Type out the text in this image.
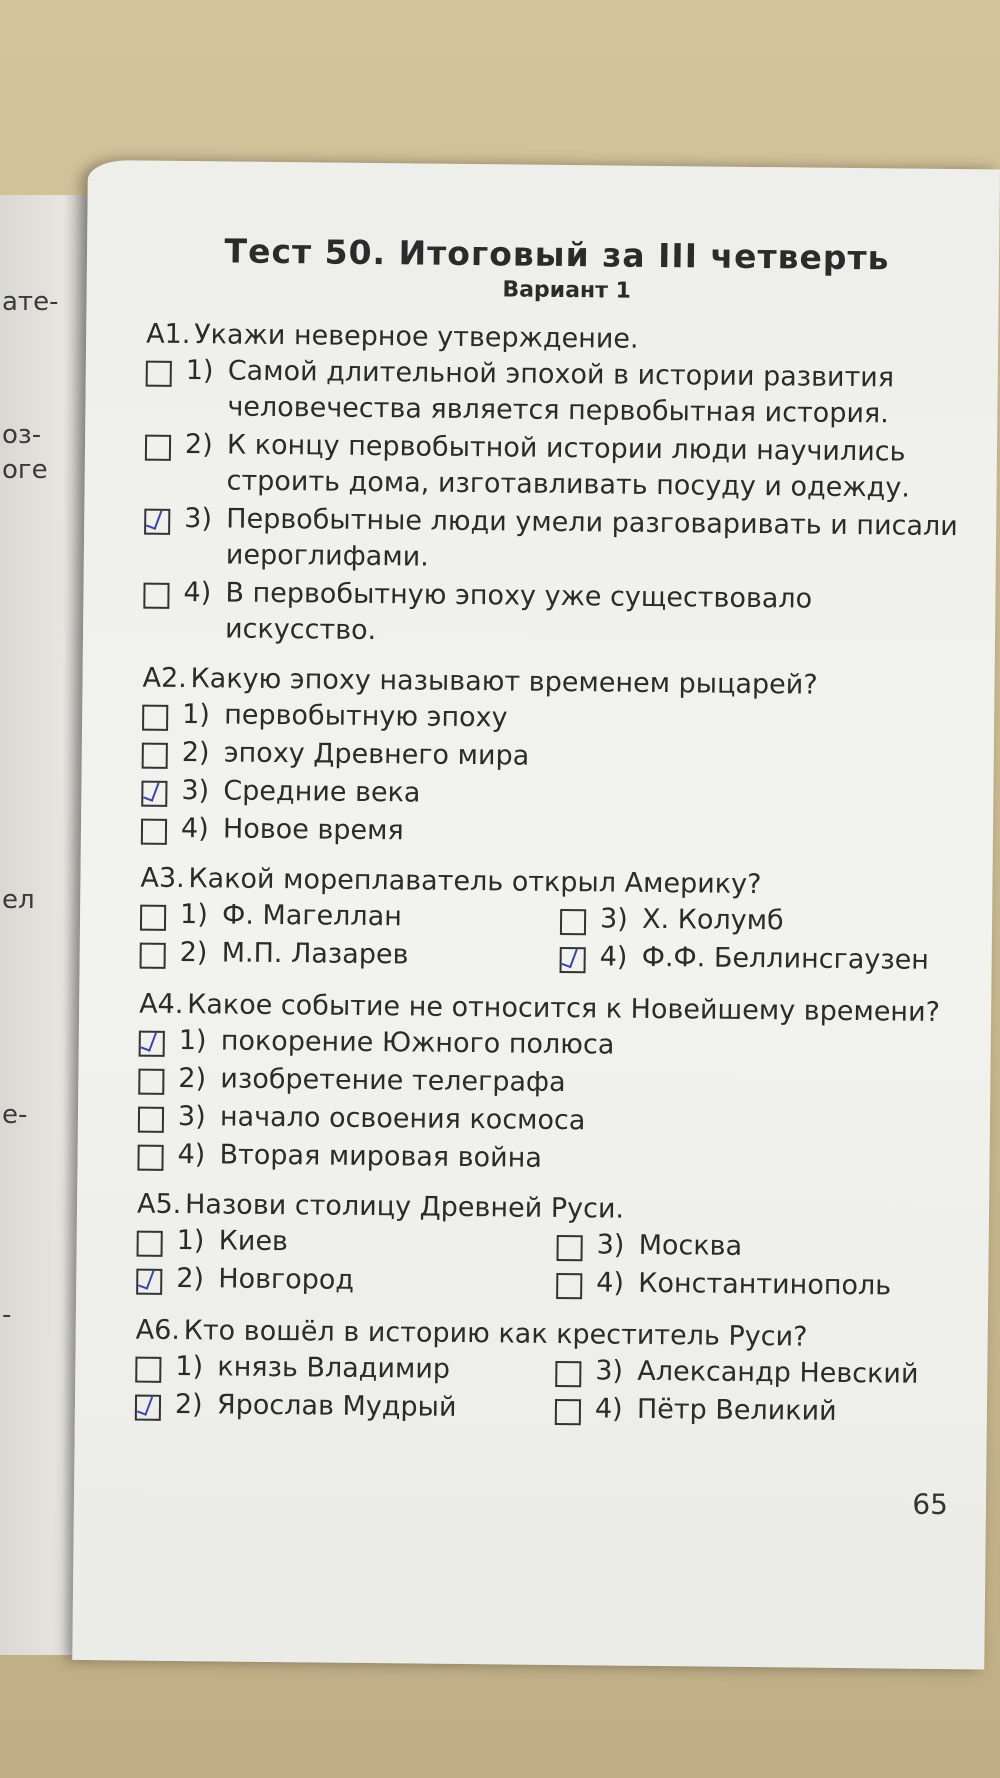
ате-
оз-
оге
ел
е-
-
Тест 50. Итоговый за III четверть
Вариант 1
А1. Укажи неверное утверждение.
1) Самой длительной эпохой в истории развития человечества является первобытная история.
2) К концу первобытной истории люди научились строить дома, изготавливать посуду и одежду.
3) Первобытные люди умели разговаривать и писали иероглифами.
4) В первобытную эпоху уже существовало искусство.
А2. Какую эпоху называют временем рыцарей?
1) первобытную эпоху
2) эпоху Древнего мира
3) Средние века
4) Новое время
А3. Какой мореплаватель открыл Америку?
1) Ф. Магеллан	3) Х. Колумб
2) М.П. Лазарев	4) Ф.Ф. Беллинсгаузен
А4. Какое событие не относится к Новейшему времени?
1) покорение Южного полюса
2) изобретение телеграфа
3) начало освоения космоса
4) Вторая мировая война
А5. Назови столицу Древней Руси.
1) Киев	3) Москва
2) Новгород	4) Константинополь
А6. Кто вошёл в историю как креститель Руси?
1) князь Владимир	3) Александр Невский
2) Ярослав Мудрый	4) Пётр Великий
65
